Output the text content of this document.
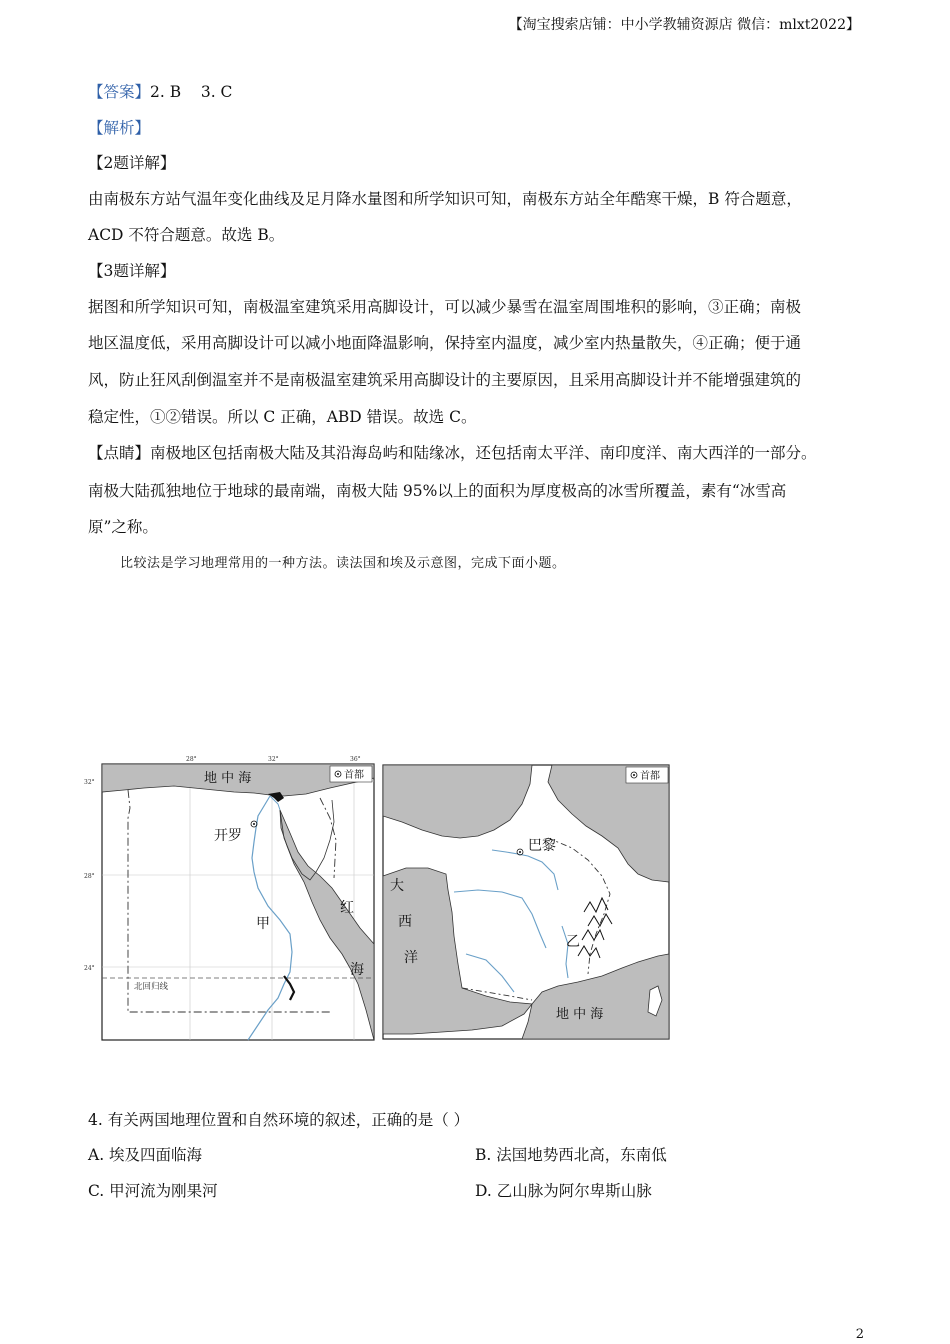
【淘宝搜索店铺：中小学教辅资源店 微信：mlxt2022】
【答案】2. B    3. C
【解析】
【2题详解】
由南极东方站气温年变化曲线及足月降水量图和所学知识可知，南极东方站全年酷寒干燥，B 符合题意，
ACD 不符合题意。故选 B。
【3题详解】
据图和所学知识可知，南极温室建筑采用高脚设计，可以减少暴雪在温室周围堆积的影响，③正确；南极
地区温度低，采用高脚设计可以减小地面降温影响，保持室内温度，减少室内热量散失，④正确；便于通
风，防止狂风刮倒温室并不是南极温室建筑采用高脚设计的主要原因，且采用高脚设计并不能增强建筑的
稳定性，①②错误。所以 C 正确，ABD 错误。故选 C。
【点睛】南极地区包括南极大陆及其沿海岛屿和陆缘冰，还包括南太平洋、南印度洋、南大西洋的一部分。
南极大陆孤独地位于地球的最南端，南极大陆 95%以上的面积为厚度极高的冰雪所覆盖，素有“冰雪高
原”之称。
比较法是学习地理常用的一种方法。读法国和埃及示意图，完成下面小题。
28°	32°	36°
32°
28°
24°
北回归线
地 中 海	首都
开罗
甲
红
海
首都
巴黎
大
西
洋
乙
地 中 海
4. 有关两国地理位置和自然环境的叙述，正确的是（ ）
A. 埃及四面临海	B. 法国地势西北高，东南低
C. 甲河流为刚果河	D. 乙山脉为阿尔卑斯山脉
2
